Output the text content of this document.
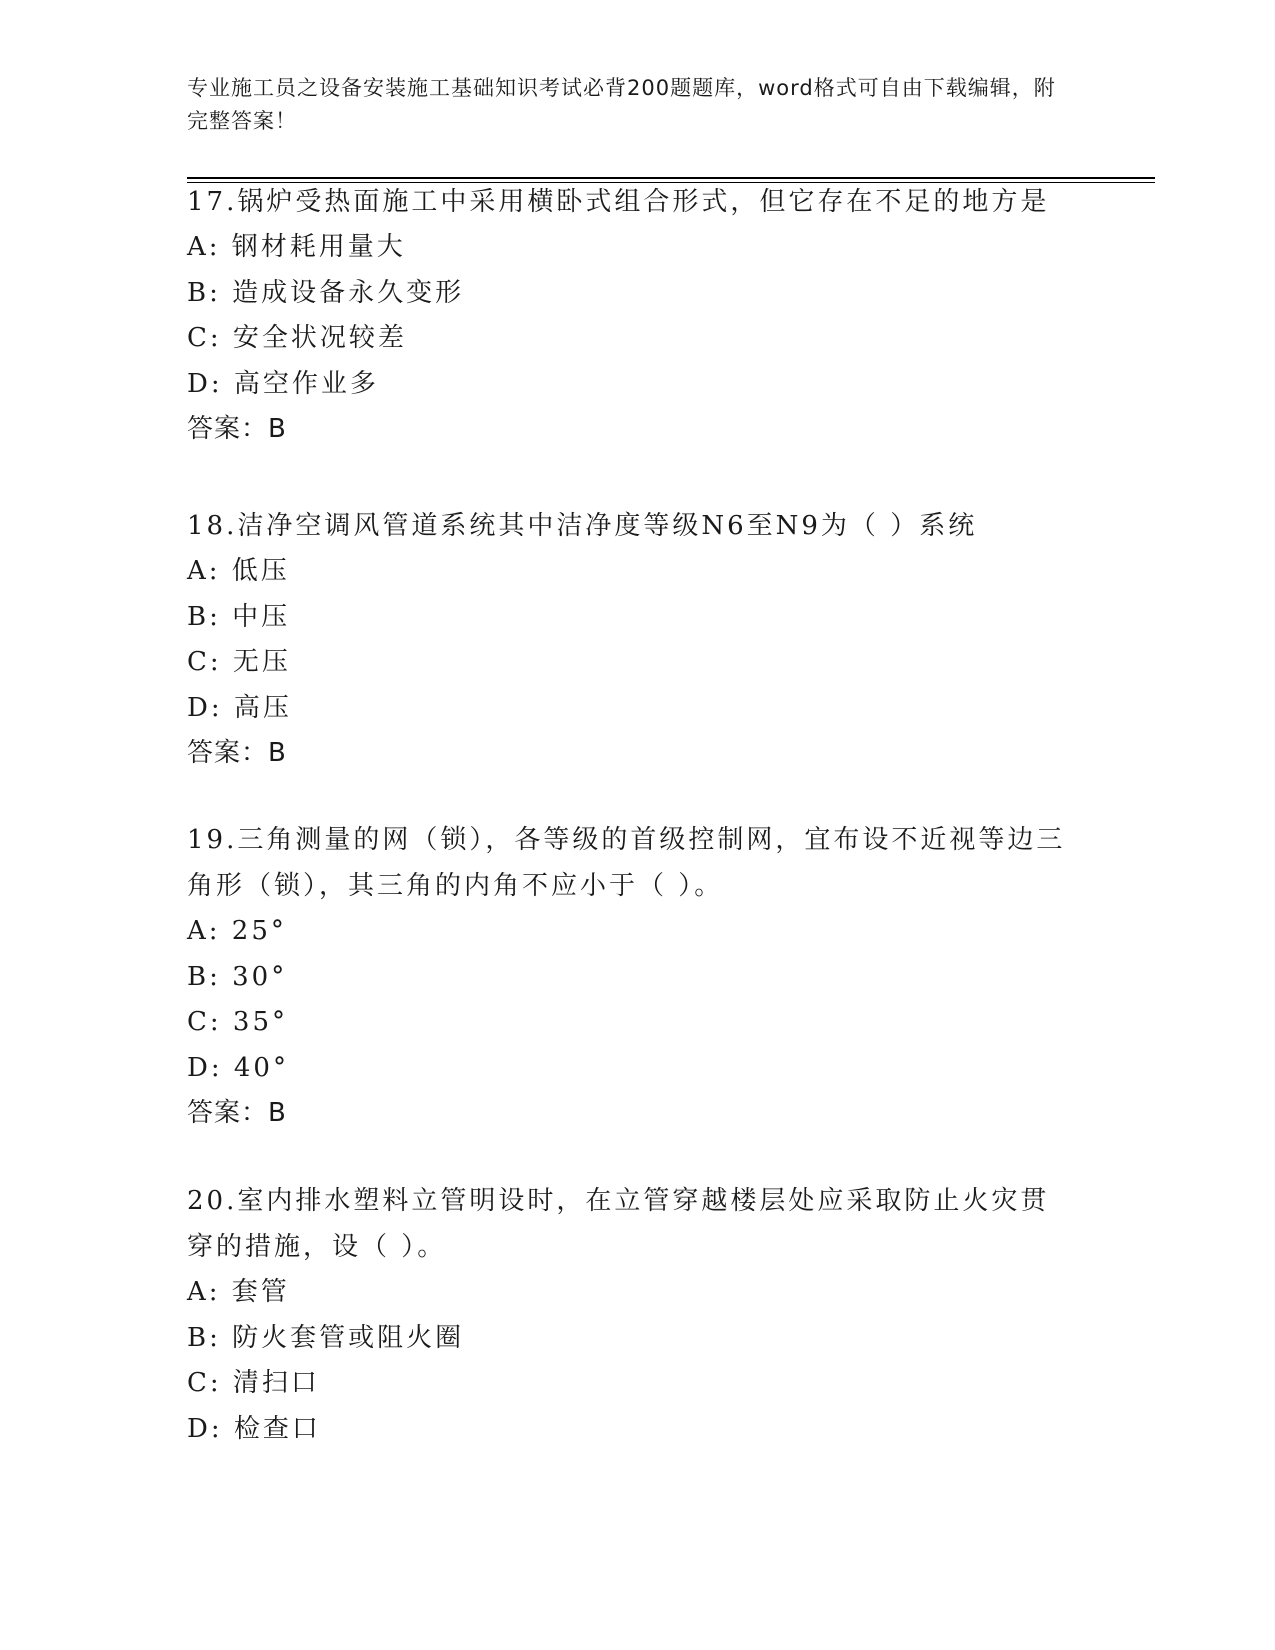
专业施工员之设备安装施工基础知识考试必背200题题库，word格式可自由下载编辑，附完整答案！
17.锅炉受热面施工中采用横卧式组合形式，但它存在不足的地方是
A: 钢材耗用量大
B: 造成设备永久变形
C: 安全状况较差
D: 高空作业多
答案：B
18.洁净空调风管道系统其中洁净度等级N6至N9为（ ）系统
A: 低压
B: 中压
C: 无压
D: 高压
答案：B
19.三角测量的网（锁），各等级的首级控制网，宜布设不近视等边三角形（锁），其三角的内角不应小于（ ）。
A: 25°
B: 30°
C: 35°
D: 40°
答案：B
20.室内排水塑料立管明设时，在立管穿越楼层处应采取防止火灾贯穿的措施，设（ ）。
A: 套管
B: 防火套管或阻火圈
C: 清扫口
D: 检查口
